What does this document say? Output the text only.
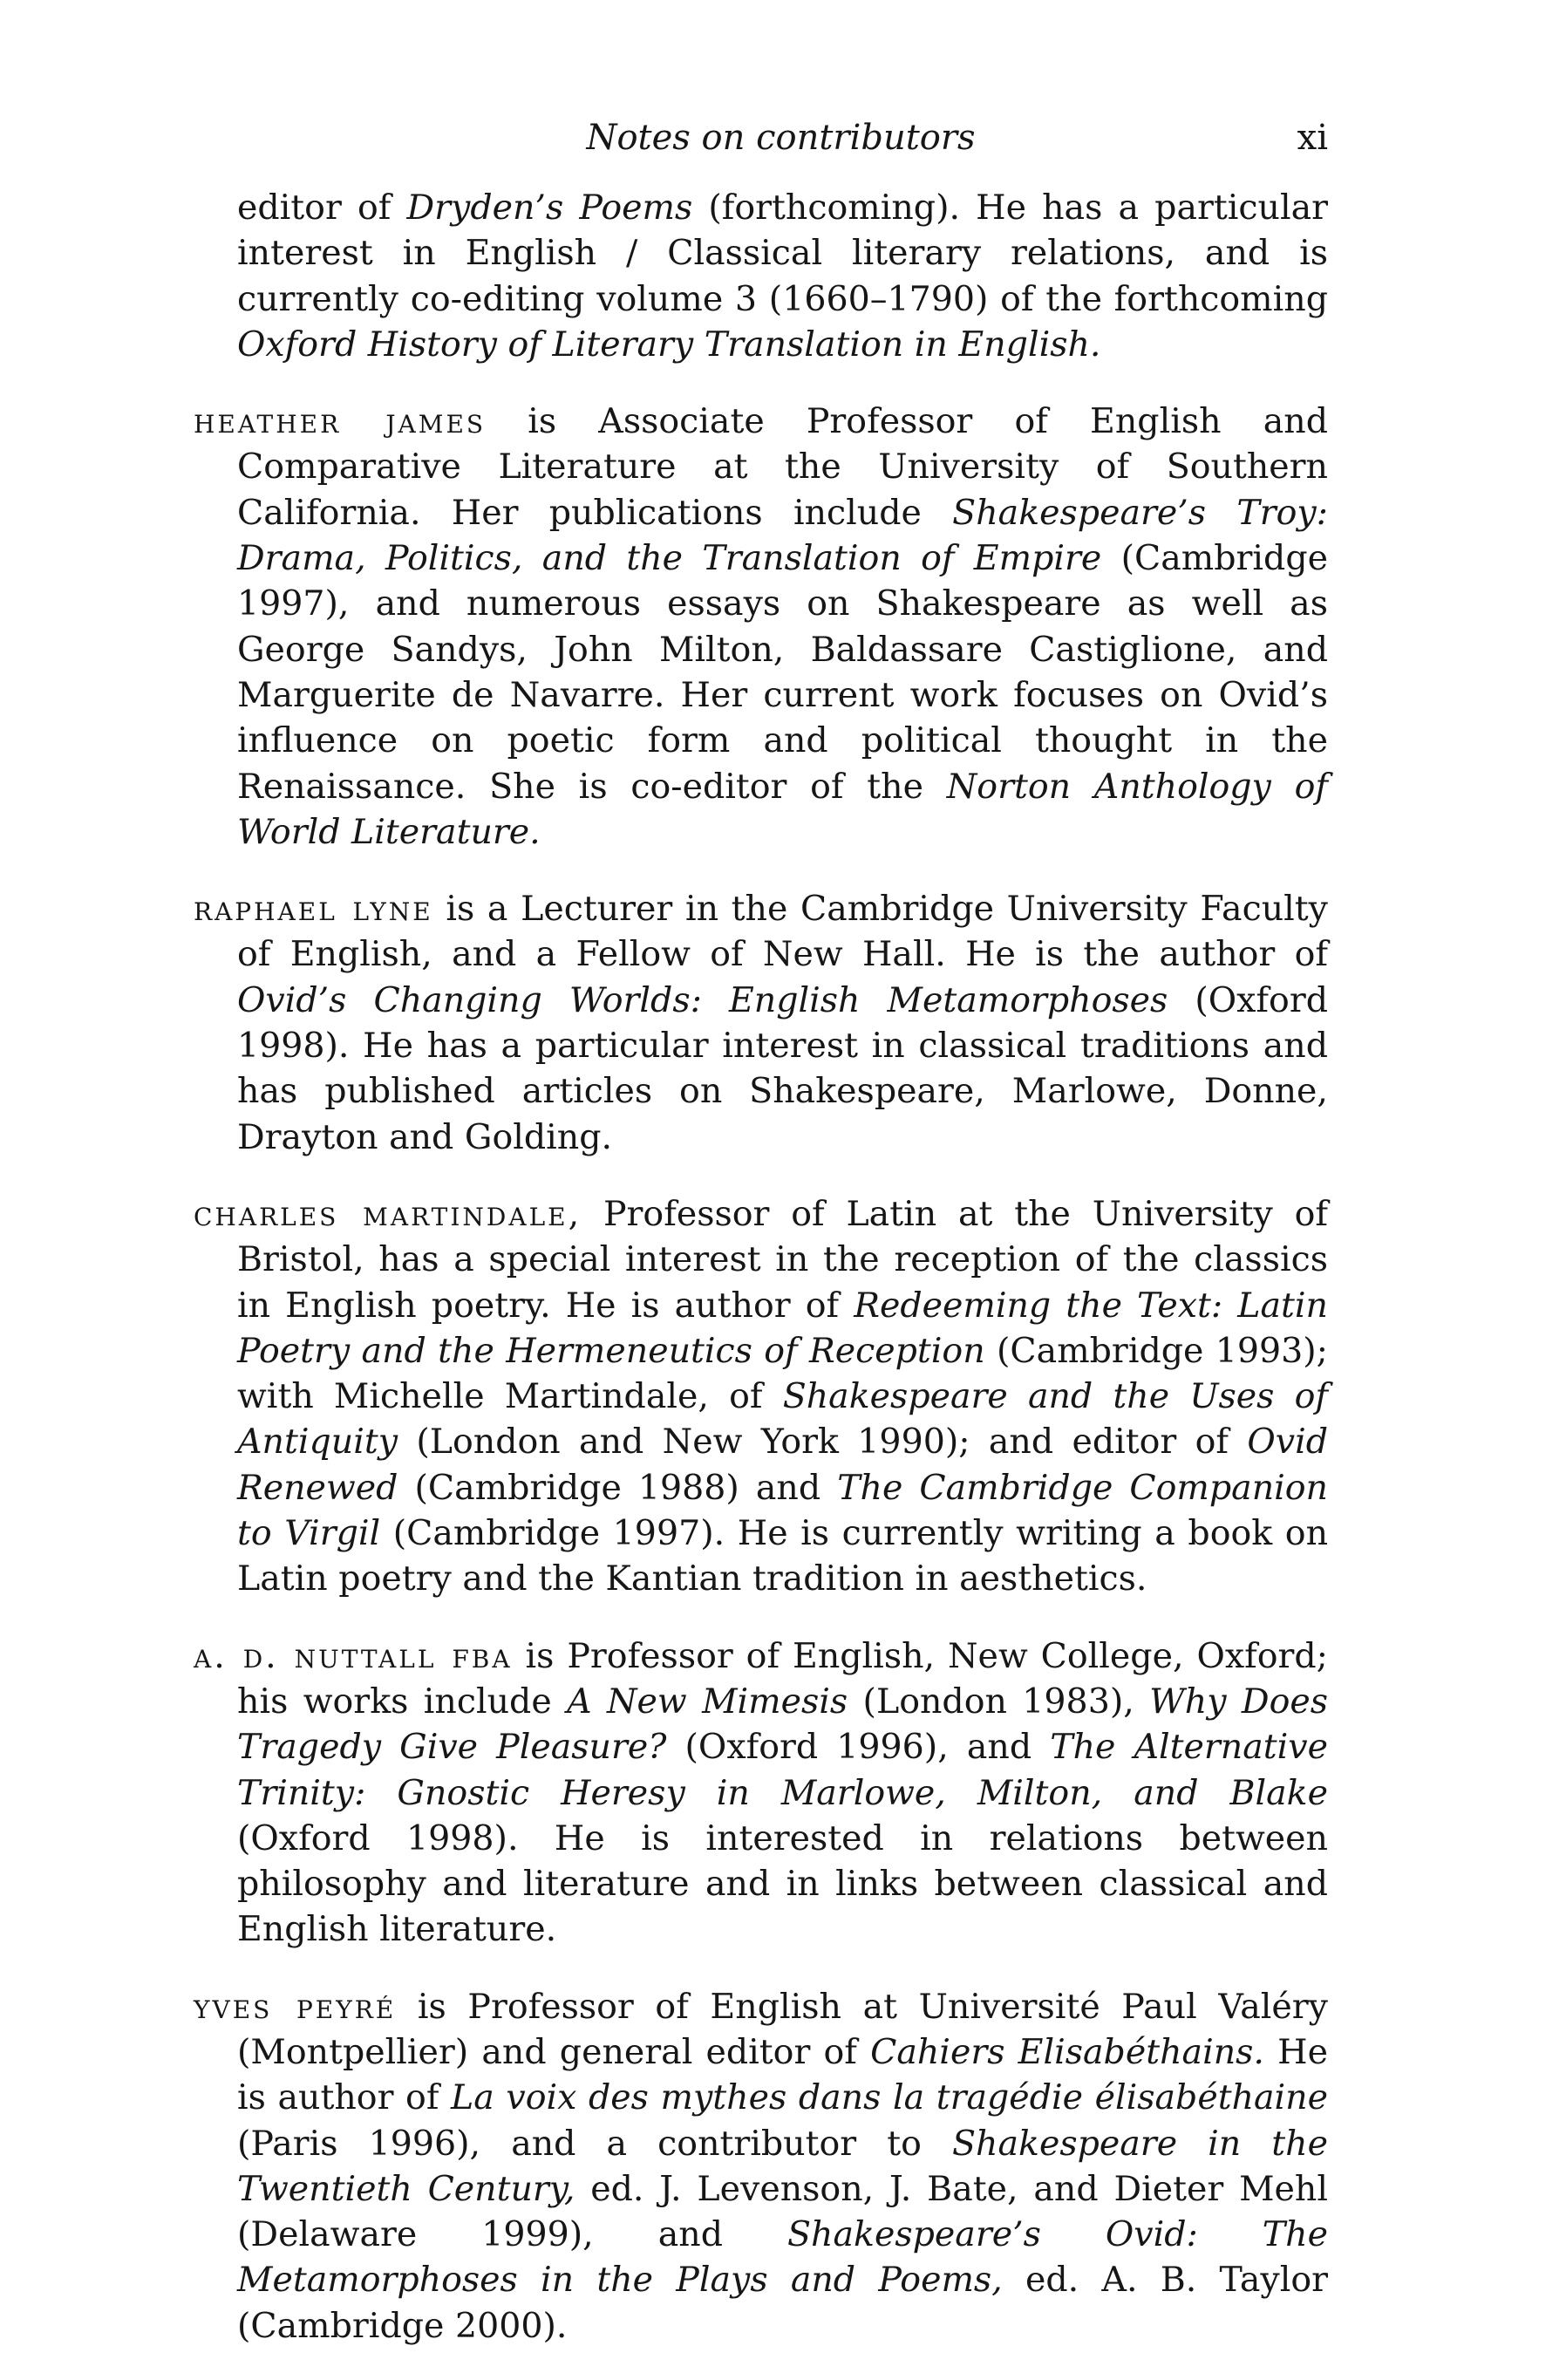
Notes on contributors	xi

editor of Dryden’s Poems (forthcoming). He has a particular interest in English / Classical literary relations, and is currently co-editing volume 3 (1660–1790) of the forthcoming Oxford History of Literary Translation in English.

heather james is Associate Professor of English and Comparative Literature at the University of Southern California. Her publications include Shakespeare’s Troy: Drama, Politics, and the Translation of Empire (Cambridge 1997), and numerous essays on Shakespeare as well as George Sandys, John Milton, Baldassare Castiglione, and Marguerite de Navarre. Her current work focuses on Ovid’s influence on poetic form and political thought in the Renaissance. She is co-editor of the Norton Anthology of World Literature.

raphael lyne is a Lecturer in the Cambridge University Faculty of English, and a Fellow of New Hall. He is the author of Ovid’s Changing Worlds: English Metamorphoses (Oxford 1998). He has a particular interest in classical traditions and has published articles on Shakespeare, Marlowe, Donne, Drayton and Golding.

charles martindale, Professor of Latin at the University of Bristol, has a special interest in the reception of the classics in English poetry. He is author of Redeeming the Text: Latin Poetry and the Hermeneutics of Reception (Cambridge 1993); with Michelle Martindale, of Shakespeare and the Uses of Antiquity (London and New York 1990); and editor of Ovid Renewed (Cambridge 1988) and The Cambridge Companion to Virgil (Cambridge 1997). He is currently writing a book on Latin poetry and the Kantian tradition in aesthetics.

a. d. nuttall fba is Professor of English, New College, Oxford; his works include A New Mimesis (London 1983), Why Does Tragedy Give Pleasure? (Oxford 1996), and The Alternative Trinity: Gnostic Heresy in Marlowe, Milton, and Blake (Oxford 1998). He is interested in relations between philosophy and literature and in links between classical and English literature.

yves peyré is Professor of English at Université Paul Valéry (Montpellier) and general editor of Cahiers Elisabéthains. He is author of La voix des mythes dans la tragédie élisabéthaine (Paris 1996), and a contributor to Shakespeare in the Twentieth Century, ed. J. Levenson, J. Bate, and Dieter Mehl (Delaware 1999), and Shakespeare’s Ovid: The Metamorphoses in the Plays and Poems, ed. A. B. Taylor (Cambridge 2000).
